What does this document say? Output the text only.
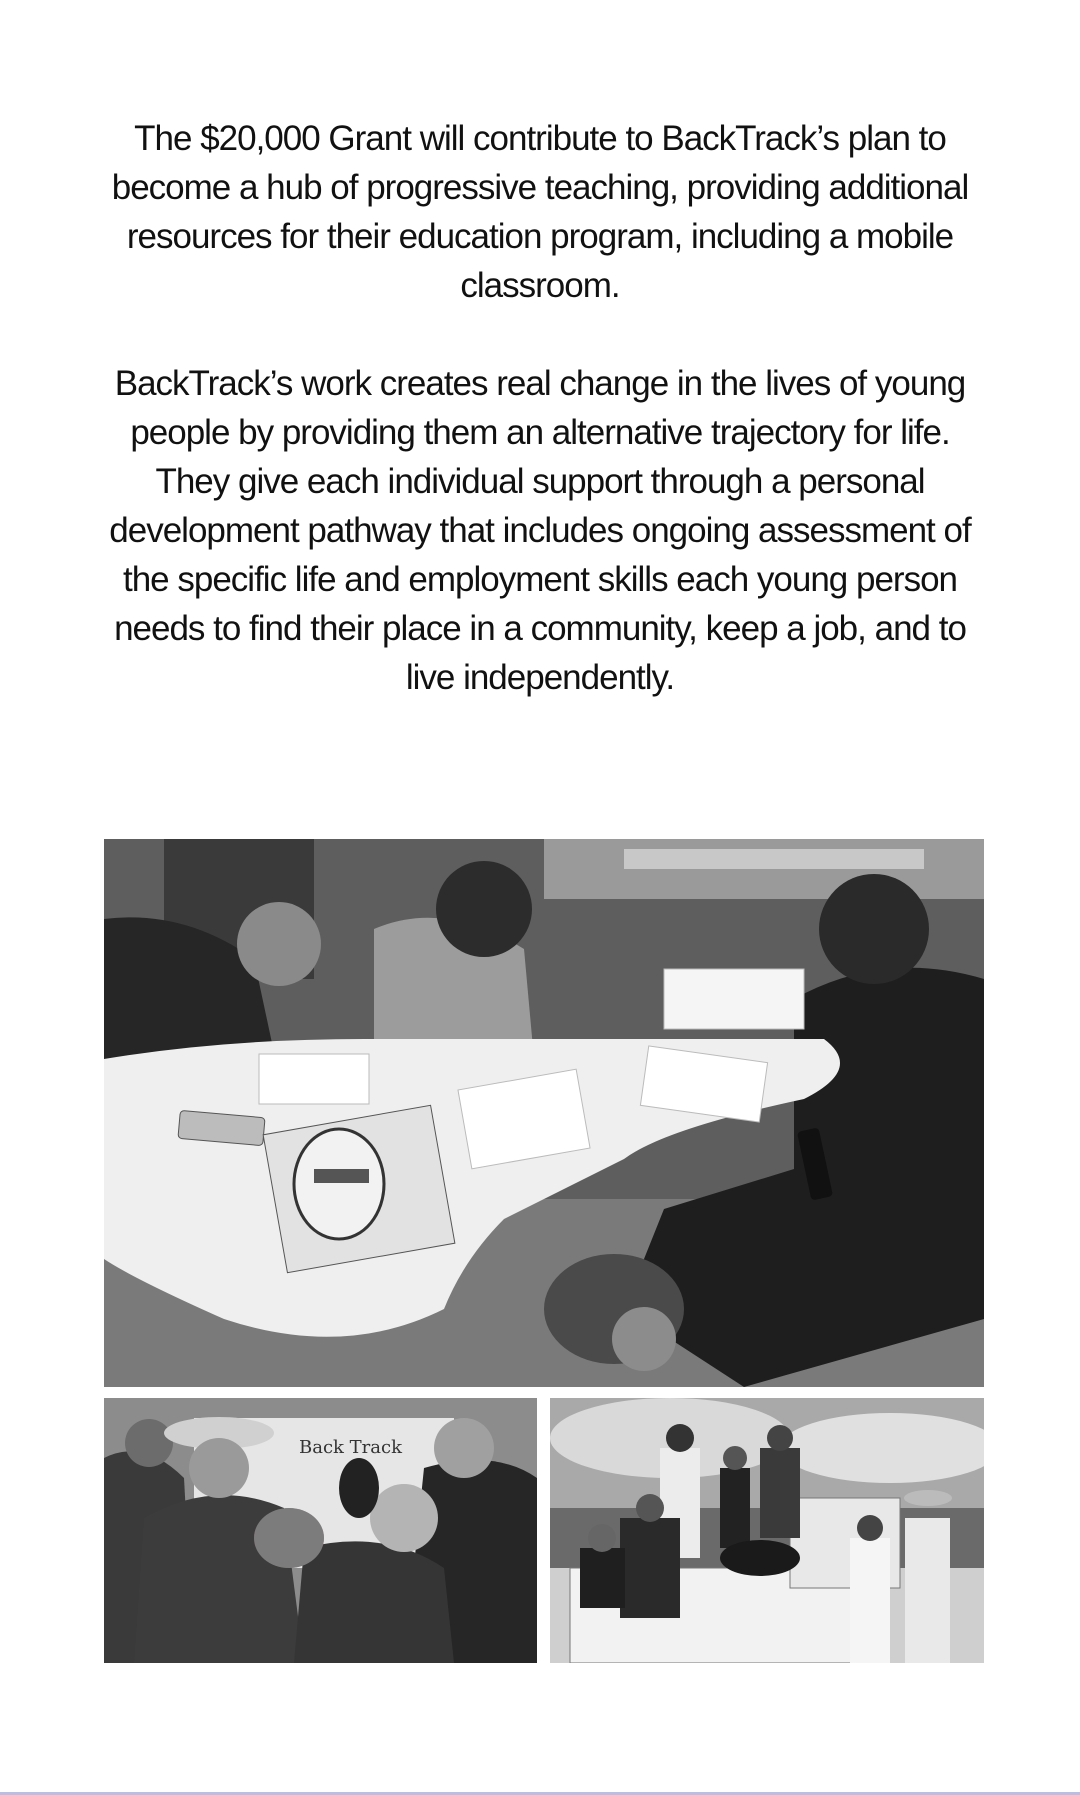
The $20,000 Grant will contribute to BackTrack’s plan to become a hub of progressive teaching, providing additional resources for their education program, including a mobile classroom.

BackTrack’s work creates real change in the lives of young people by providing them an alternative trajectory for life. They give each individual support through a personal development pathway that includes ongoing assessment of the specific life and employment skills each young person needs to find their place in a community, keep a job, and to live independently.

Back Track
